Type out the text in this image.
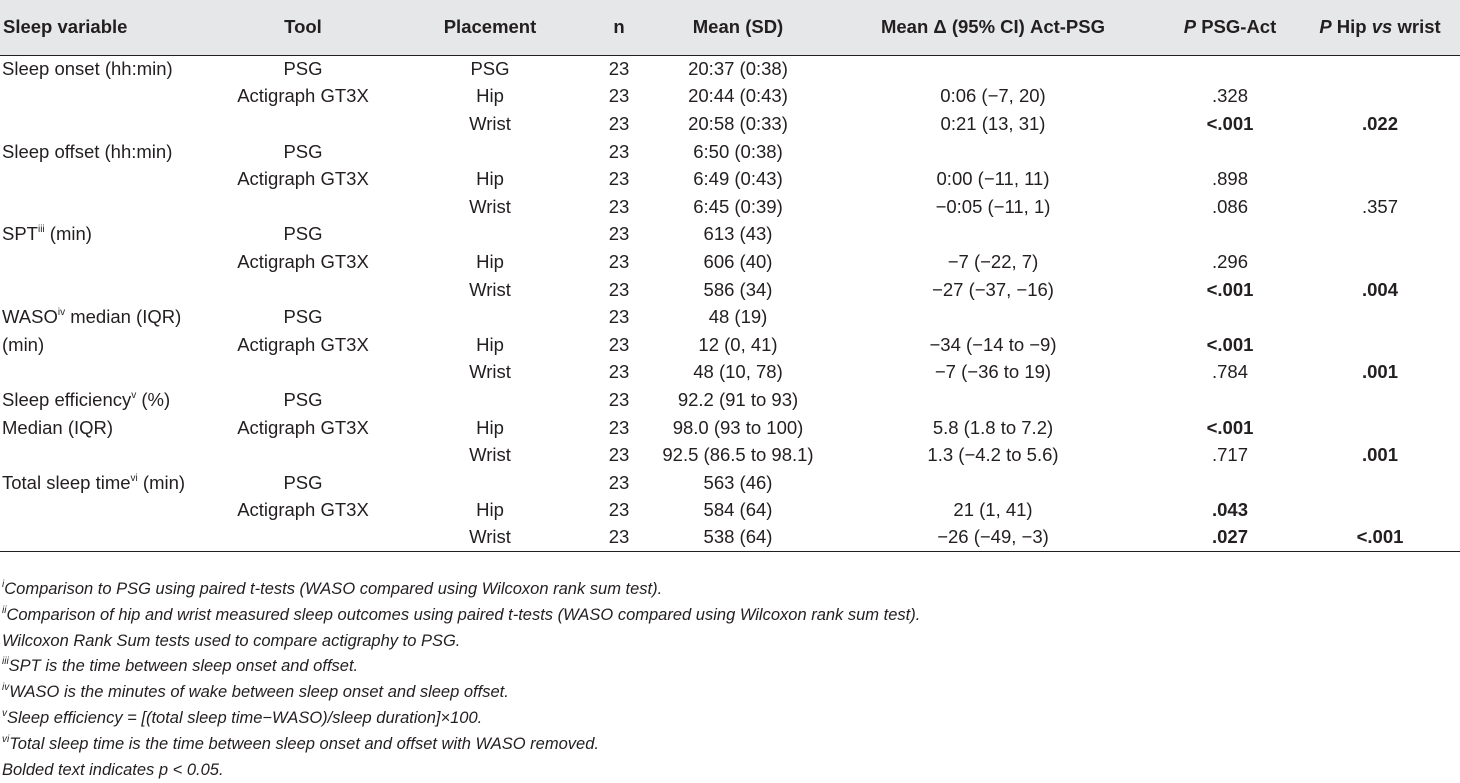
Sleep variable	Tool	Placement	n	Mean (SD)	Mean Δ (95% CI) Act-PSG	P PSG-Act	P Hip vs wrist
Sleep onset (hh:min)	PSG	PSG	23	20:37 (0:38)			
	Actigraph GT3X	Hip	23	20:44 (0:43)	0:06 (−7, 20)	.328	
		Wrist	23	20:58 (0:33)	0:21 (13, 31)	<.001	.022
Sleep offset (hh:min)	PSG		23	6:50 (0:38)			
	Actigraph GT3X	Hip	23	6:49 (0:43)	0:00 (−11, 11)	.898	
		Wrist	23	6:45 (0:39)	−0:05 (−11, 1)	.086	.357
SPT$^{iii}$ (min)	PSG		23	613 (43)			
	Actigraph GT3X	Hip	23	606 (40)	−7 (−22, 7)	.296	
		Wrist	23	586 (34)	−27 (−37, −16)	<.001	.004
WASO$^{iv}$ median (IQR)	PSG		23	48 (19)			
(min)	Actigraph GT3X	Hip	23	12 (0, 41)	−34 (−14 to −9)	<.001	
		Wrist	23	48 (10, 78)	−7 (−36 to 19)	.784	.001
Sleep efficiency$^v$ (%)	PSG		23	92.2 (91 to 93)			
Median (IQR)	Actigraph GT3X	Hip	23	98.0 (93 to 100)	5.8 (1.8 to 7.2)	<.001	
		Wrist	23	92.5 (86.5 to 98.1)	1.3 (−4.2 to 5.6)	.717	.001
Total sleep time$^{vi}$ (min)	PSG		23	563 (46)			
	Actigraph GT3X	Hip	23	584 (64)	21 (1, 41)	.043	
		Wrist	23	538 (64)	−26 (−49, −3)	.027	<.001
$^i$Comparison to PSG using paired t-tests (WASO compared using Wilcoxon rank sum test).
$^{ii}$Comparison of hip and wrist measured sleep outcomes using paired t-tests (WASO compared using Wilcoxon rank sum test).
Wilcoxon Rank Sum tests used to compare actigraphy to PSG.
$^{iii}$SPT is the time between sleep onset and offset.
$^{iv}$WASO is the minutes of wake between sleep onset and sleep offset.
$^v$Sleep efficiency = [(total sleep time−WASO)/sleep duration]×100.
$^{vi}$Total sleep time is the time between sleep onset and offset with WASO removed.
Bolded text indicates p < 0.05.
